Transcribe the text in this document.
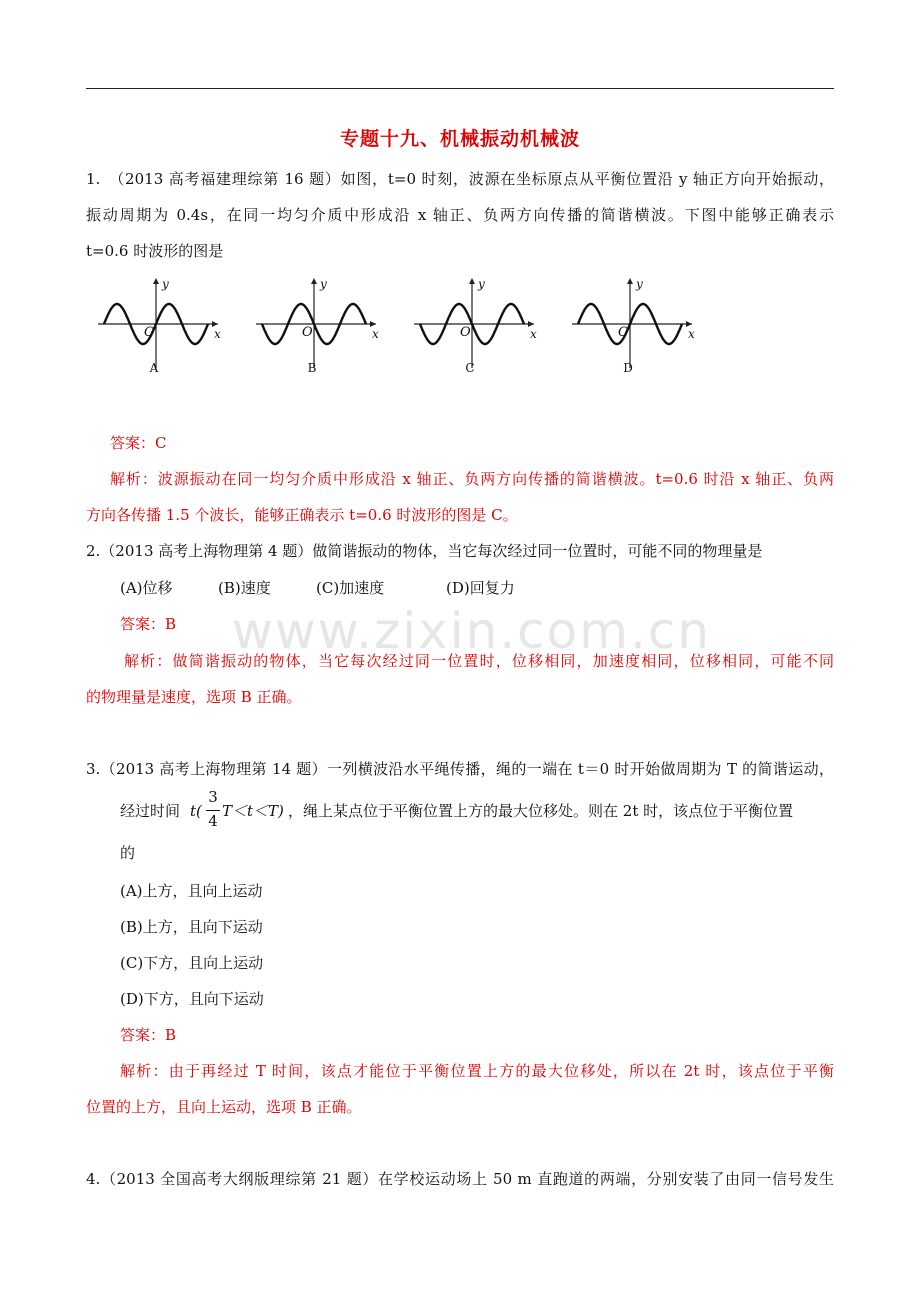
专题十九、机械振动机械波
1.　（2013 高考福建理综第 16 题）如图，t=0 时刻，波源在坐标原点从平衡位置沿 y 轴正方向开始振动，
振动周期为 0.4s，在同一均匀介质中形成沿 x 轴正、负两方向传播的简谐横波。下图中能够正确表示
t=0.6 时波形的图是
y
x
O
A
y
x
O
B
y
x
O
C
y
x
O
D
答案：C
解析：波源振动在同一均匀介质中形成沿 x 轴正、负两方向传播的简谐横波。t=0.6 时沿 x 轴正、负两
方向各传播 1.5 个波长，能够正确表示 t=0.6 时波形的图是 C。
2.（2013 高考上海物理第 4 题）做简谐振动的物体，当它每次经过同一位置时，可能不同的物理量是
(A)位移	(B)速度	(C)加速度	(D)回复力
www.zixin.com.cn
答案：B
解析：做简谐振动的物体，当它每次经过同一位置时，位移相同，加速度相同，位移相同，可能不同
的物理量是速度，选项 B 正确。
3.（2013 高考上海物理第 14 题）一列横波沿水平绳传播，绳的一端在 t＝0 时开始做周期为 T 的简谐运动，
经过时间 t(
3
4
T＜t＜T) ，绳上某点位于平衡位置上方的最大位移处。则在 2t 时，该点位于平衡位置
的
(A)上方，且向上运动
(B)上方，且向下运动
(C)下方，且向上运动
(D)下方，且向下运动
答案：B
解析：由于再经过 T 时间，该点才能位于平衡位置上方的最大位移处，所以在 2t 时，该点位于平衡
位置的上方，且向上运动，选项 B 正确。
4.（2013 全国高考大纲版理综第 21 题）在学校运动场上 50 m 直跑道的两端，分别安装了由同一信号发生
